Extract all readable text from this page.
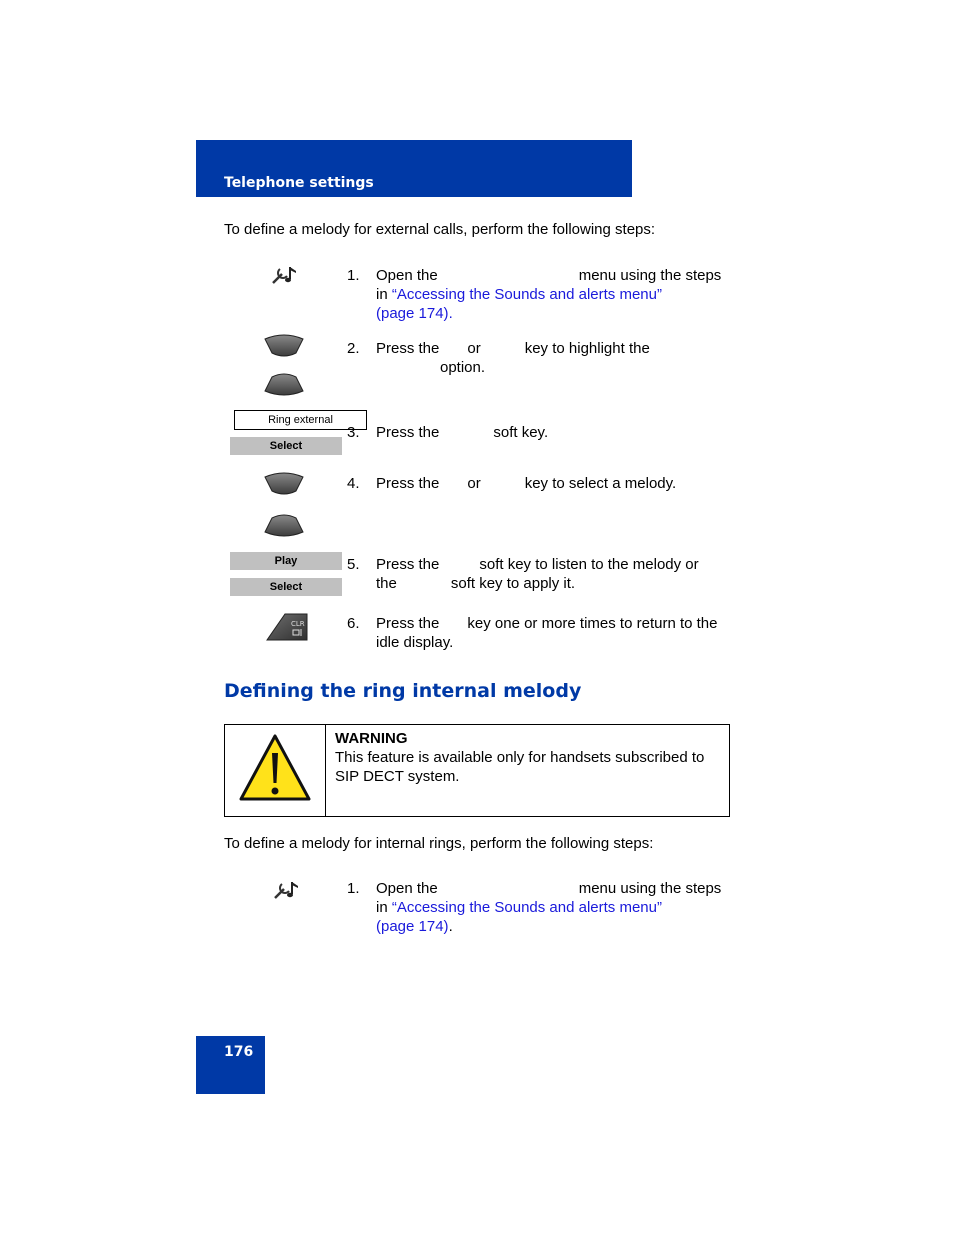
Telephone settings
To define a melody for external calls, perform the following steps:
1. Open the	menu using the steps
in “Accessing the Sounds and alerts menu”
(page 174).
2. Press the or	key to highlight the
option.
Ring external
Select
3. Press the	soft key.
4. Press the or	key to select a melody.
Play
Select
5. Press the	soft key to listen to the melody or
the	soft key to apply it.
CLR	6. Press the key one or more times to return to the
idle display.
Defining the ring internal melody
WARNING
This feature is available only for handsets subscribed to SIP DECT system.
To define a melody for internal rings, perform the following steps:
1. Open the	menu using the steps
in “Accessing the Sounds and alerts menu”
(page 174).
176
